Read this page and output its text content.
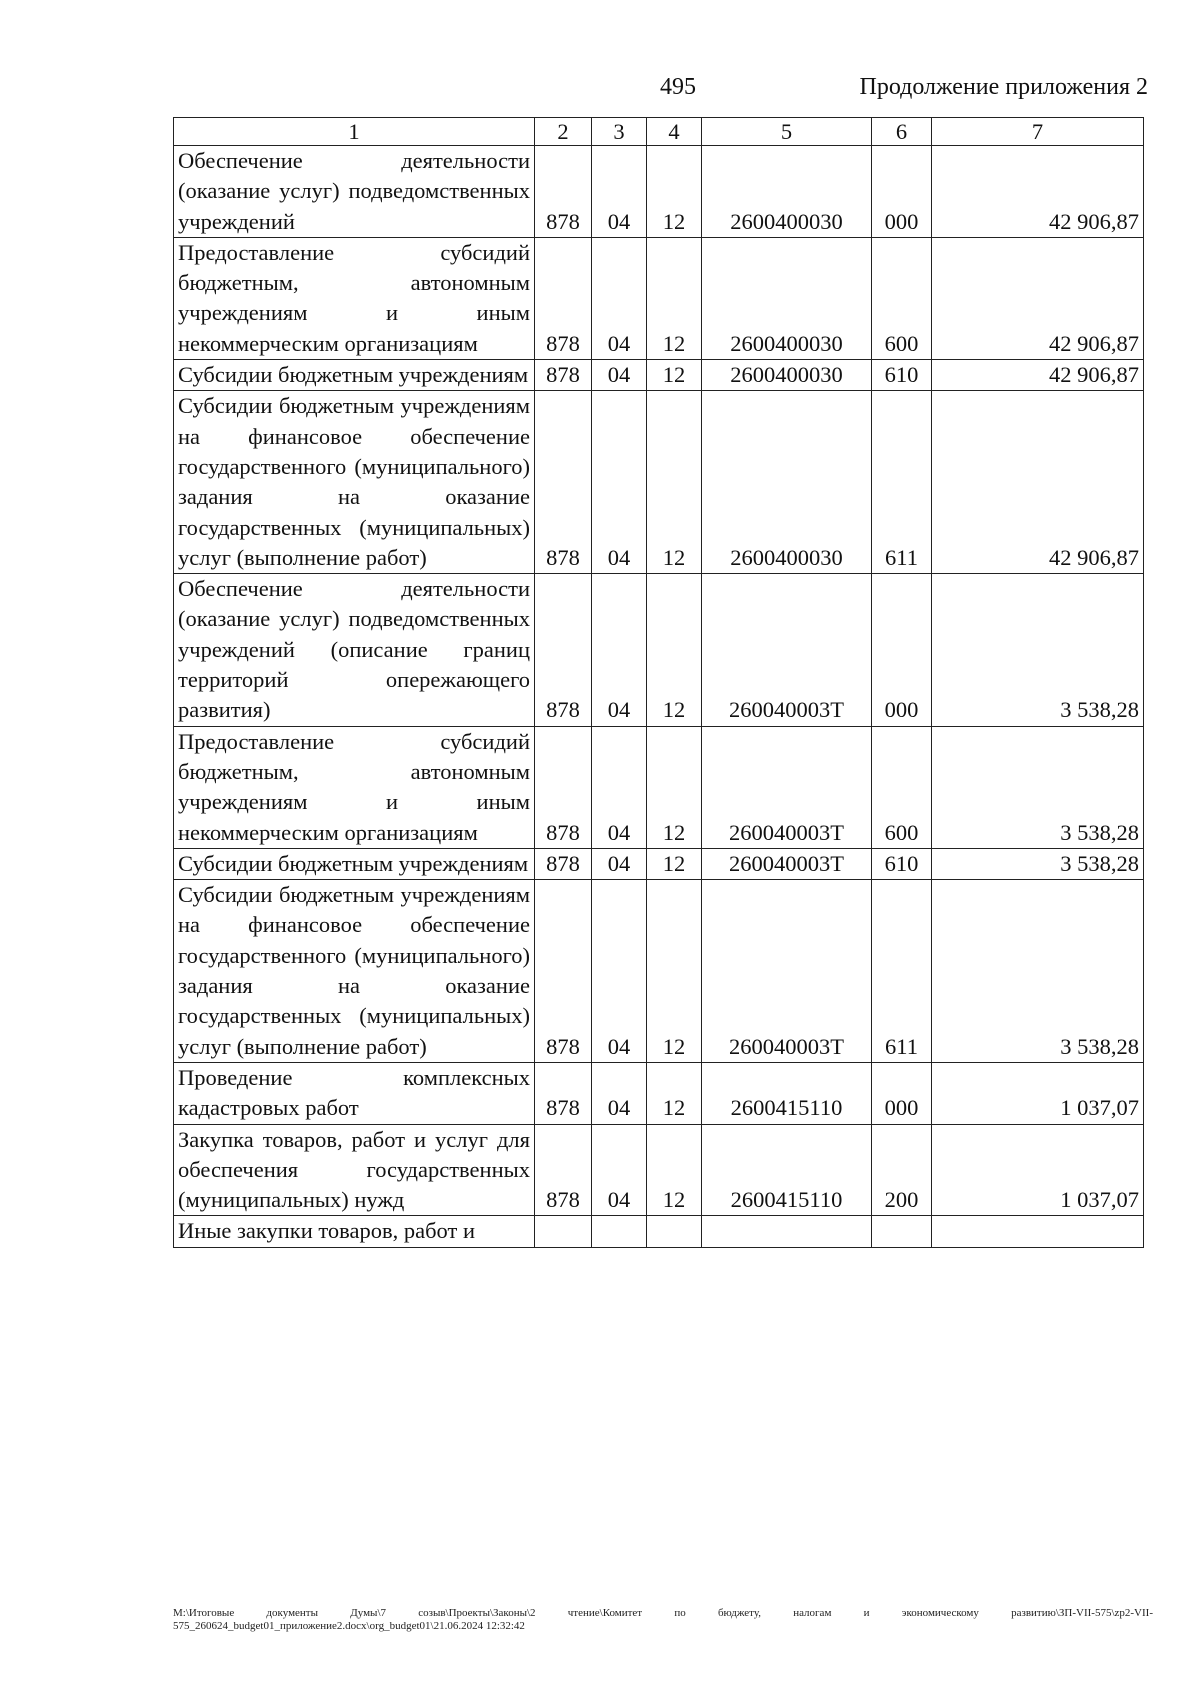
495	Продолжение приложения 2
1	2	3	4	5	6	7
Обеспечение деятельности (оказание услуг) подведомственных учреждений	878	04	12	2600400030	000	42 906,87
Предоставление субсидий бюджетным, автономным учреждениям и иным некоммерческим организациям	878	04	12	2600400030	600	42 906,87
Субсидии бюджетным учреждениям	878	04	12	2600400030	610	42 906,87
Субсидии бюджетным учреждениям на финансовое обеспечение государственного (муниципального) задания на оказание государственных (муниципальных) услуг (выполнение работ)	878	04	12	2600400030	611	42 906,87
Обеспечение деятельности (оказание услуг) подведомственных учреждений (описание границ территорий опережающего развития)	878	04	12	260040003Т	000	3 538,28
Предоставление субсидий бюджетным, автономным учреждениям и иным некоммерческим организациям	878	04	12	260040003Т	600	3 538,28
Субсидии бюджетным учреждениям	878	04	12	260040003Т	610	3 538,28
Субсидии бюджетным учреждениям на финансовое обеспечение государственного (муниципального) задания на оказание государственных (муниципальных) услуг (выполнение работ)	878	04	12	260040003Т	611	3 538,28
Проведение комплексных кадастровых работ	878	04	12	2600415110	000	1 037,07
Закупка товаров, работ и услуг для обеспечения государственных (муниципальных) нужд	878	04	12	2600415110	200	1 037,07
Иные закупки товаров, работ и						
M:\Итоговые документы Думы\7 созыв\Проекты\Законы\2 чтение\Комитет по бюджету, налогам и экономическому развитию\ЗП-VII-575\zp2-VII-575_260624_budget01_приложение2.docx\org_budget01\21.06.2024 12:32:42
